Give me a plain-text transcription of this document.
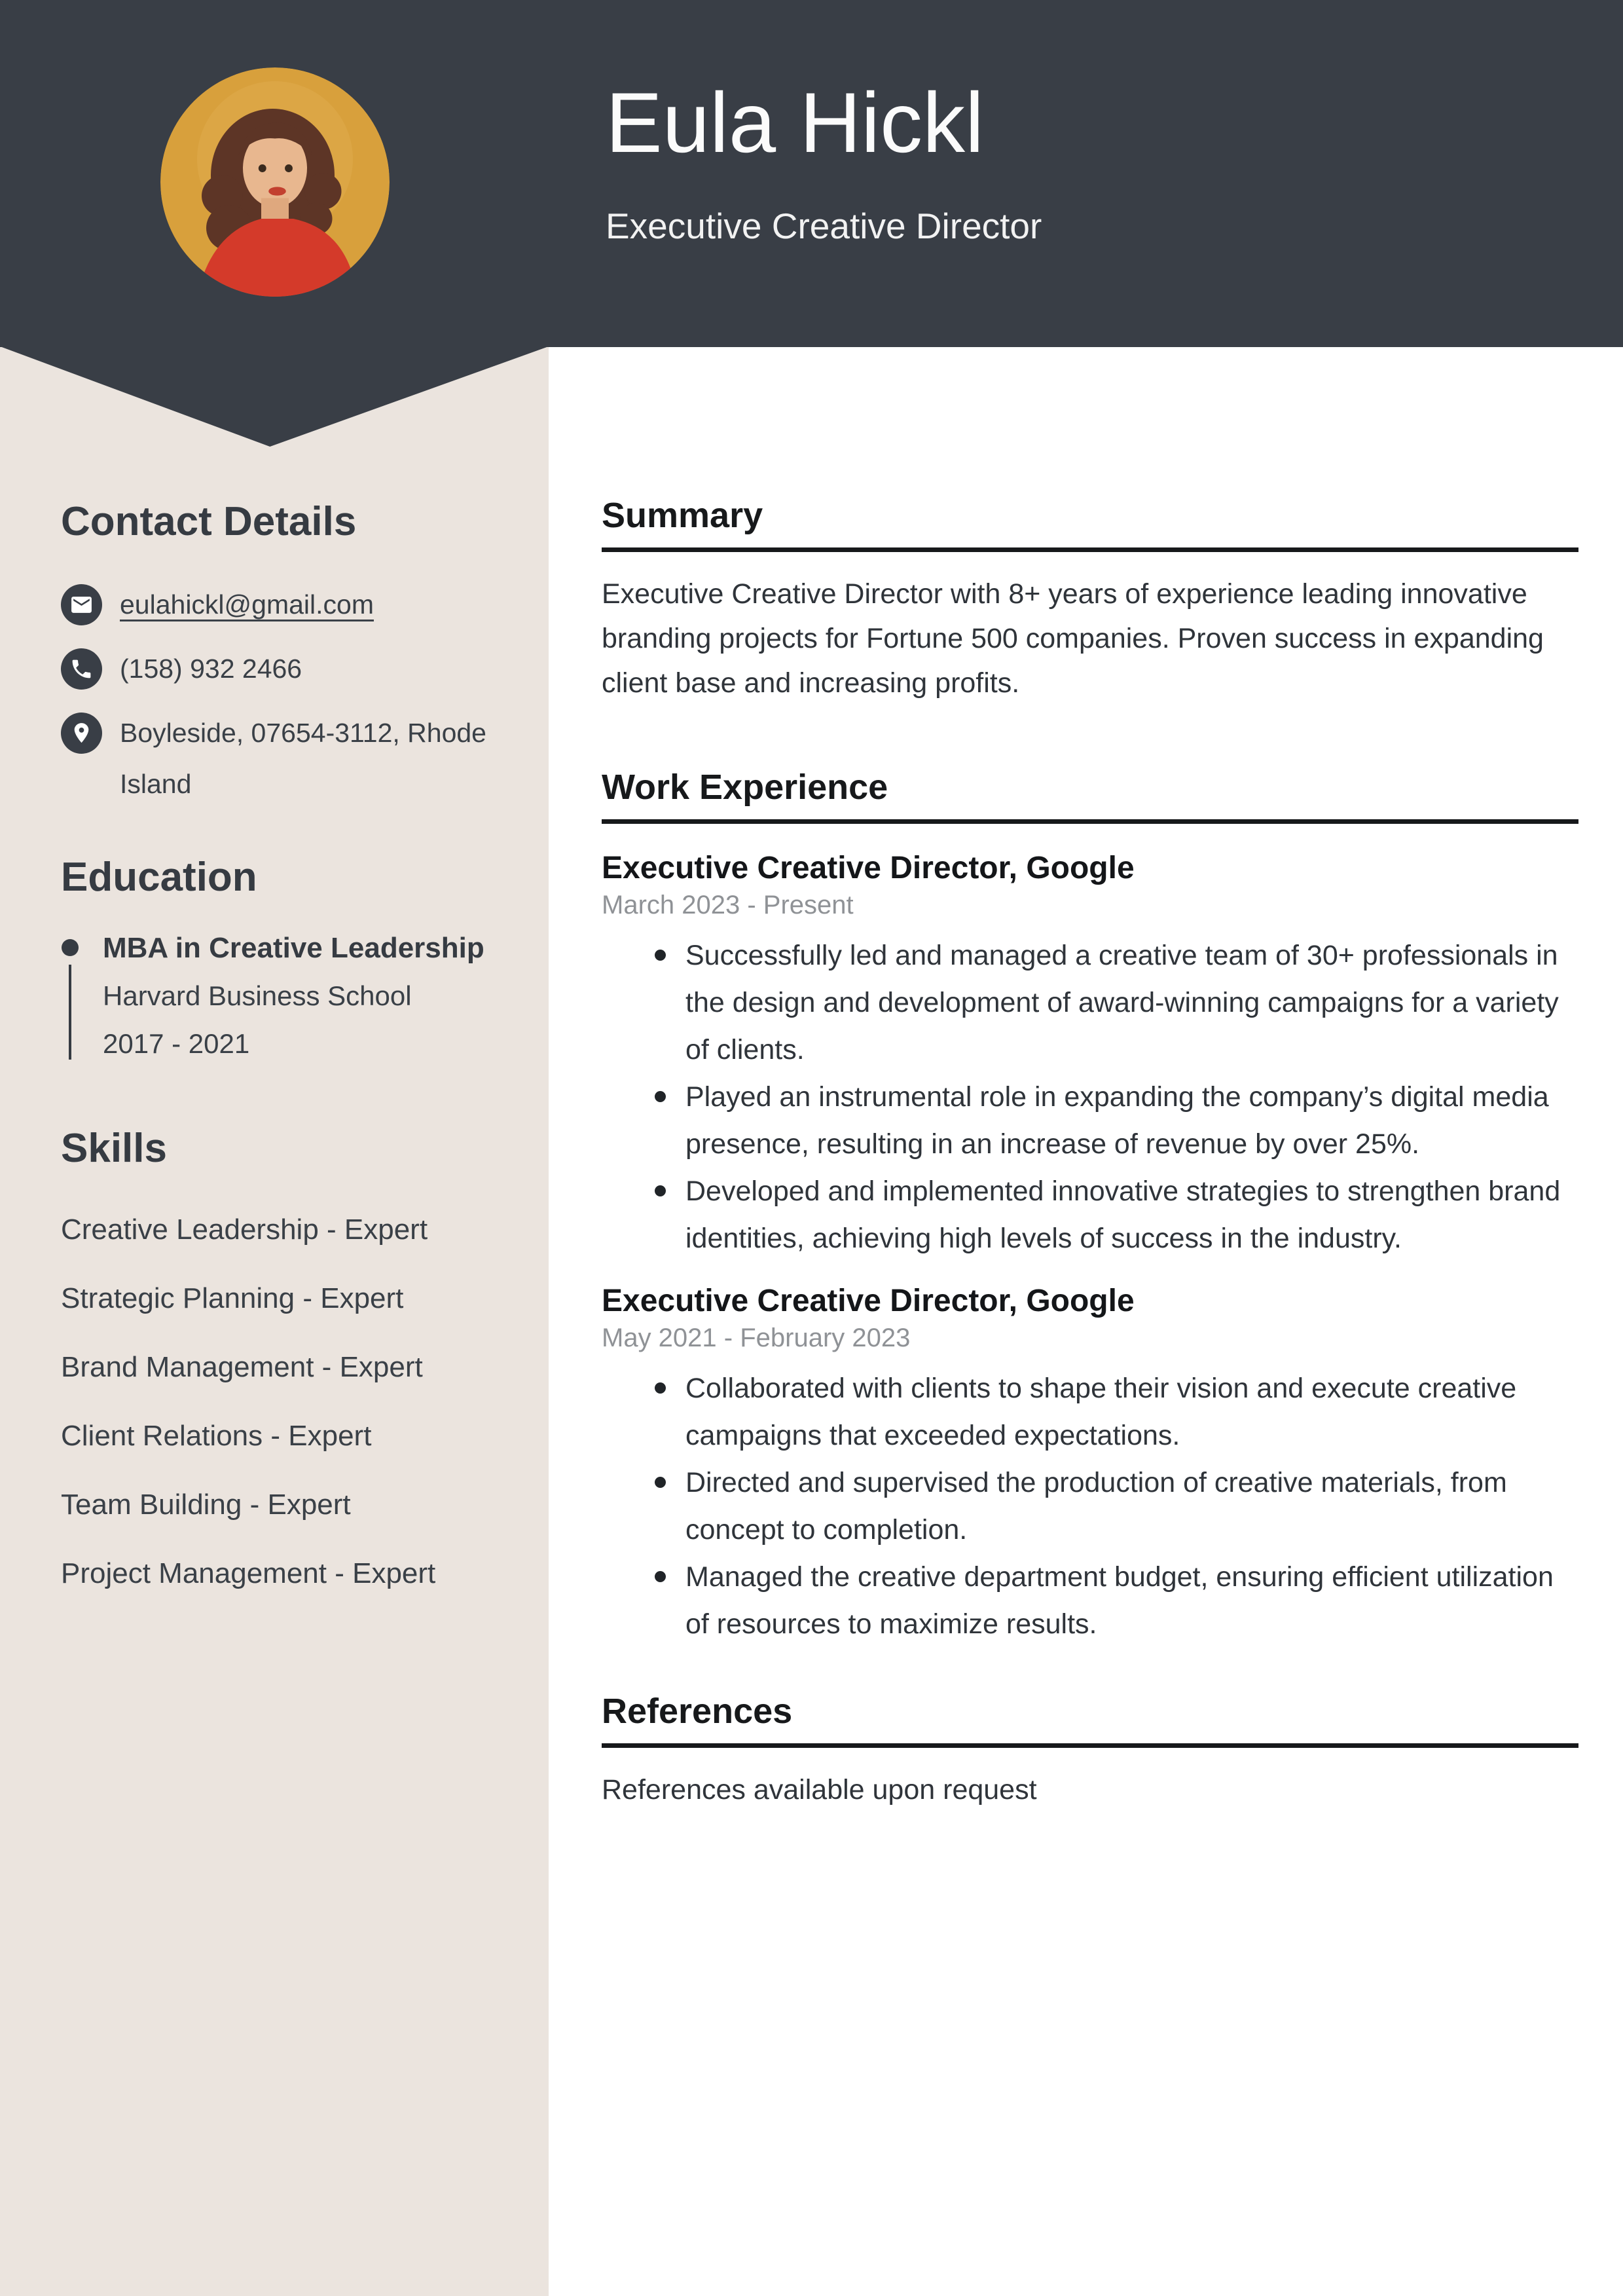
Eula Hickl
Executive Creative Director
Contact Details
eulahickl@gmail.com
(158) 932 2466
Boyleside, 07654-3112, Rhode Island
Education
MBA in Creative Leadership
Harvard Business School
2017 - 2021
Skills
Creative Leadership - Expert
Strategic Planning - Expert
Brand Management - Expert
Client Relations - Expert
Team Building - Expert
Project Management - Expert
Summary

Executive Creative Director with 8+ years of experience leading innovative branding projects for Fortune 500 companies. Proven success in expanding client base and increasing profits.

Work Experience
Executive Creative Director, Google
March 2023 - Present
Successfully led and managed a creative team of 30+ professionals in the design and development of award-winning campaigns for a variety of clients.
Played an instrumental role in expanding the company’s digital media presence, resulting in an increase of revenue by over 25%.
Developed and implemented innovative strategies to strengthen brand identities, achieving high levels of success in the industry.
Executive Creative Director, Google
May 2021 - February 2023
Collaborated with clients to shape their vision and execute creative campaigns that exceeded expectations.
Directed and supervised the production of creative materials, from concept to completion.
Managed the creative department budget, ensuring efficient utilization of resources to maximize results.
References

References available upon request
